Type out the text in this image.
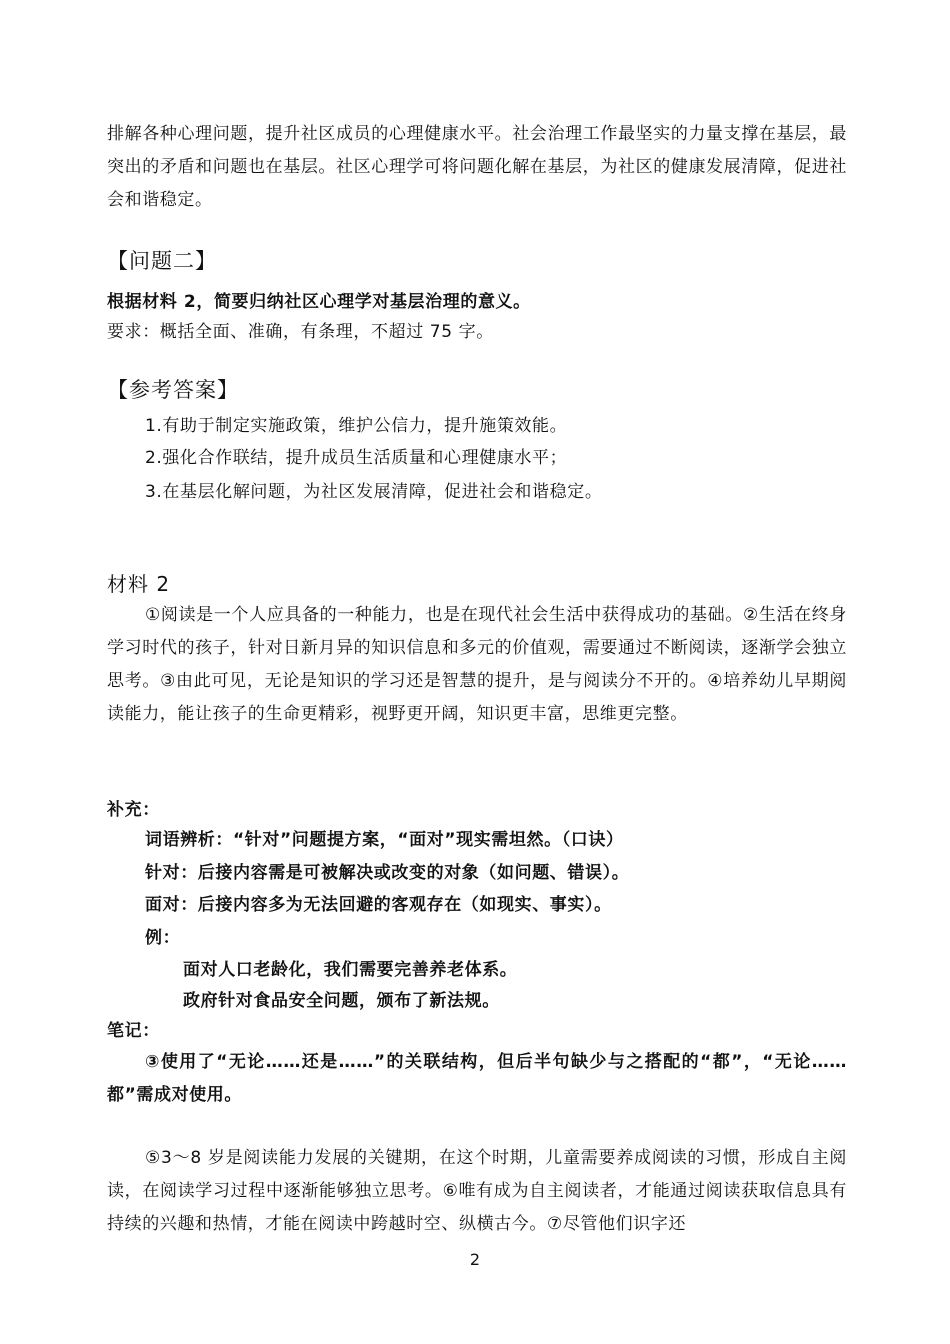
排解各种心理问题，提升社区成员的心理健康水平。社会治理工作最坚实的力量支撑在基层，最突出的矛盾和问题也在基层。社区心理学可将问题化解在基层，为社区的健康发展清障，促进社会和谐稳定。
【问题二】
根据材料 2，简要归纳社区心理学对基层治理的意义。
要求：概括全面、准确，有条理，不超过 75 字。
【参考答案】
1.有助于制定实施政策，维护公信力，提升施策效能。
2.强化合作联结，提升成员生活质量和心理健康水平；
3.在基层化解问题，为社区发展清障，促进社会和谐稳定。
材料 2
①阅读是一个人应具备的一种能力，也是在现代社会生活中获得成功的基础。②生活在终身学习时代的孩子，针对日新月异的知识信息和多元的价值观，需要通过不断阅读，逐渐学会独立思考。③由此可见，无论是知识的学习还是智慧的提升，是与阅读分不开的。④培养幼儿早期阅读能力，能让孩子的生命更精彩，视野更开阔，知识更丰富，思维更完整。
补充：
词语辨析：“针对”问题提方案，“面对”现实需坦然。（口诀）
针对：后接内容需是可被解决或改变的对象（如问题、错误）。
面对：后接内容多为无法回避的客观存在（如现实、事实）。
例：
面对人口老龄化，我们需要完善养老体系。
政府针对食品安全问题，颁布了新法规。
笔记：
③使用了“无论……还是……”的关联结构，但后半句缺少与之搭配的“都”，“无论……都”需成对使用。
⑤3～8 岁是阅读能力发展的关键期，在这个时期，儿童需要养成阅读的习惯，形成自主阅读，在阅读学习过程中逐渐能够独立思考。⑥唯有成为自主阅读者，才能通过阅读获取信息具有持续的兴趣和热情，才能在阅读中跨越时空、纵横古今。⑦尽管他们识字还
2
